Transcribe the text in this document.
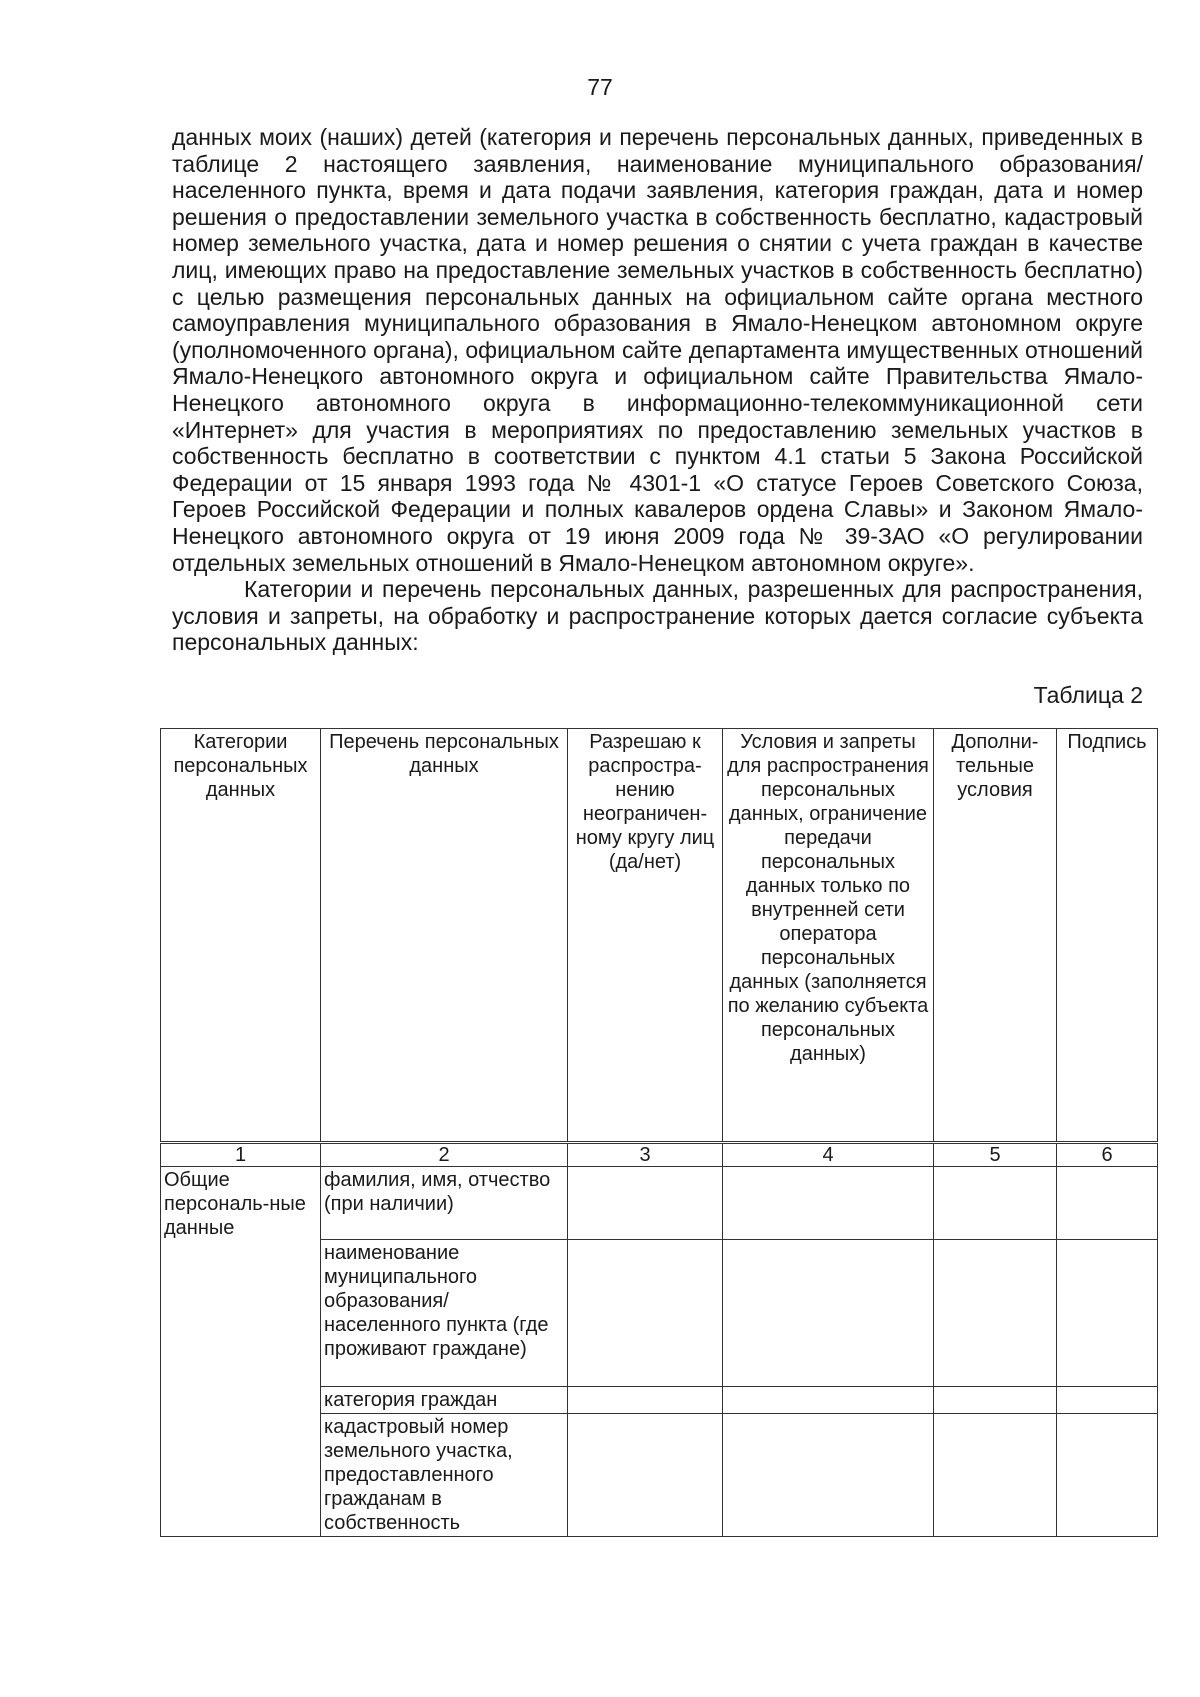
77

данных моих (наших) детей (категория и перечень персональных данных, приведенных в таблице 2 настоящего заявления, наименование муниципального образования/населенного пункта, время и дата подачи заявления, категория граждан, дата и номер решения о предоставлении земельного участка в собственность бесплатно, кадастровый номер земельного участка, дата и номер решения о снятии с учета граждан в качестве лиц, имеющих право на предоставление земельных участков в собственность бесплатно) с целью размещения персональных данных на официальном сайте органа местного самоуправления муниципального образования в Ямало-Ненецком автономном округе (уполномоченного органа), официальном сайте департамента имущественных отношений Ямало-Ненецкого автономного округа и официальном сайте Правительства Ямало-Ненецкого автономного округа в информационно-телекоммуникационной сети «Интернет» для участия в мероприятиях по предоставлению земельных участков в собственность бесплатно в соответствии с пунктом 4.1 статьи 5 Закона Российской Федерации от 15 января 1993 года № 4301-1 «О статусе Героев Советского Союза, Героев Российской Федерации и полных кавалеров ордена Славы» и Законом Ямало-Ненецкого автономного округа от 19 июня 2009 года № 39-ЗАО «О регулировании отдельных земельных отношений в Ямало-Ненецком автономном округе».

Категории и перечень персональных данных, разрешенных для распространения, условия и запреты, на обработку и распространение которых дается согласие субъекта персональных данных:

Таблица 2
Категории персональных данных	Перечень персональных данных	Разрешаю к распростра-нению неограничен-ному кругу лиц (да/нет)	Условия и запреты для распространения персональных данных, ограничение передачи персональных данных только по внутренней сети оператора персональных данных (заполняется по желанию субъекта персональных данных)	Дополни-тельные условия	Подпись
1	2	3	4	5	6
Общие персональ-ные данные	фамилия, имя, отчество (при наличии)				
	наименование муниципального образования/ населенного пункта (где проживают граждане)				
	категория граждан				
	кадастровый номер земельного участка, предоставленного гражданам в собственность				
